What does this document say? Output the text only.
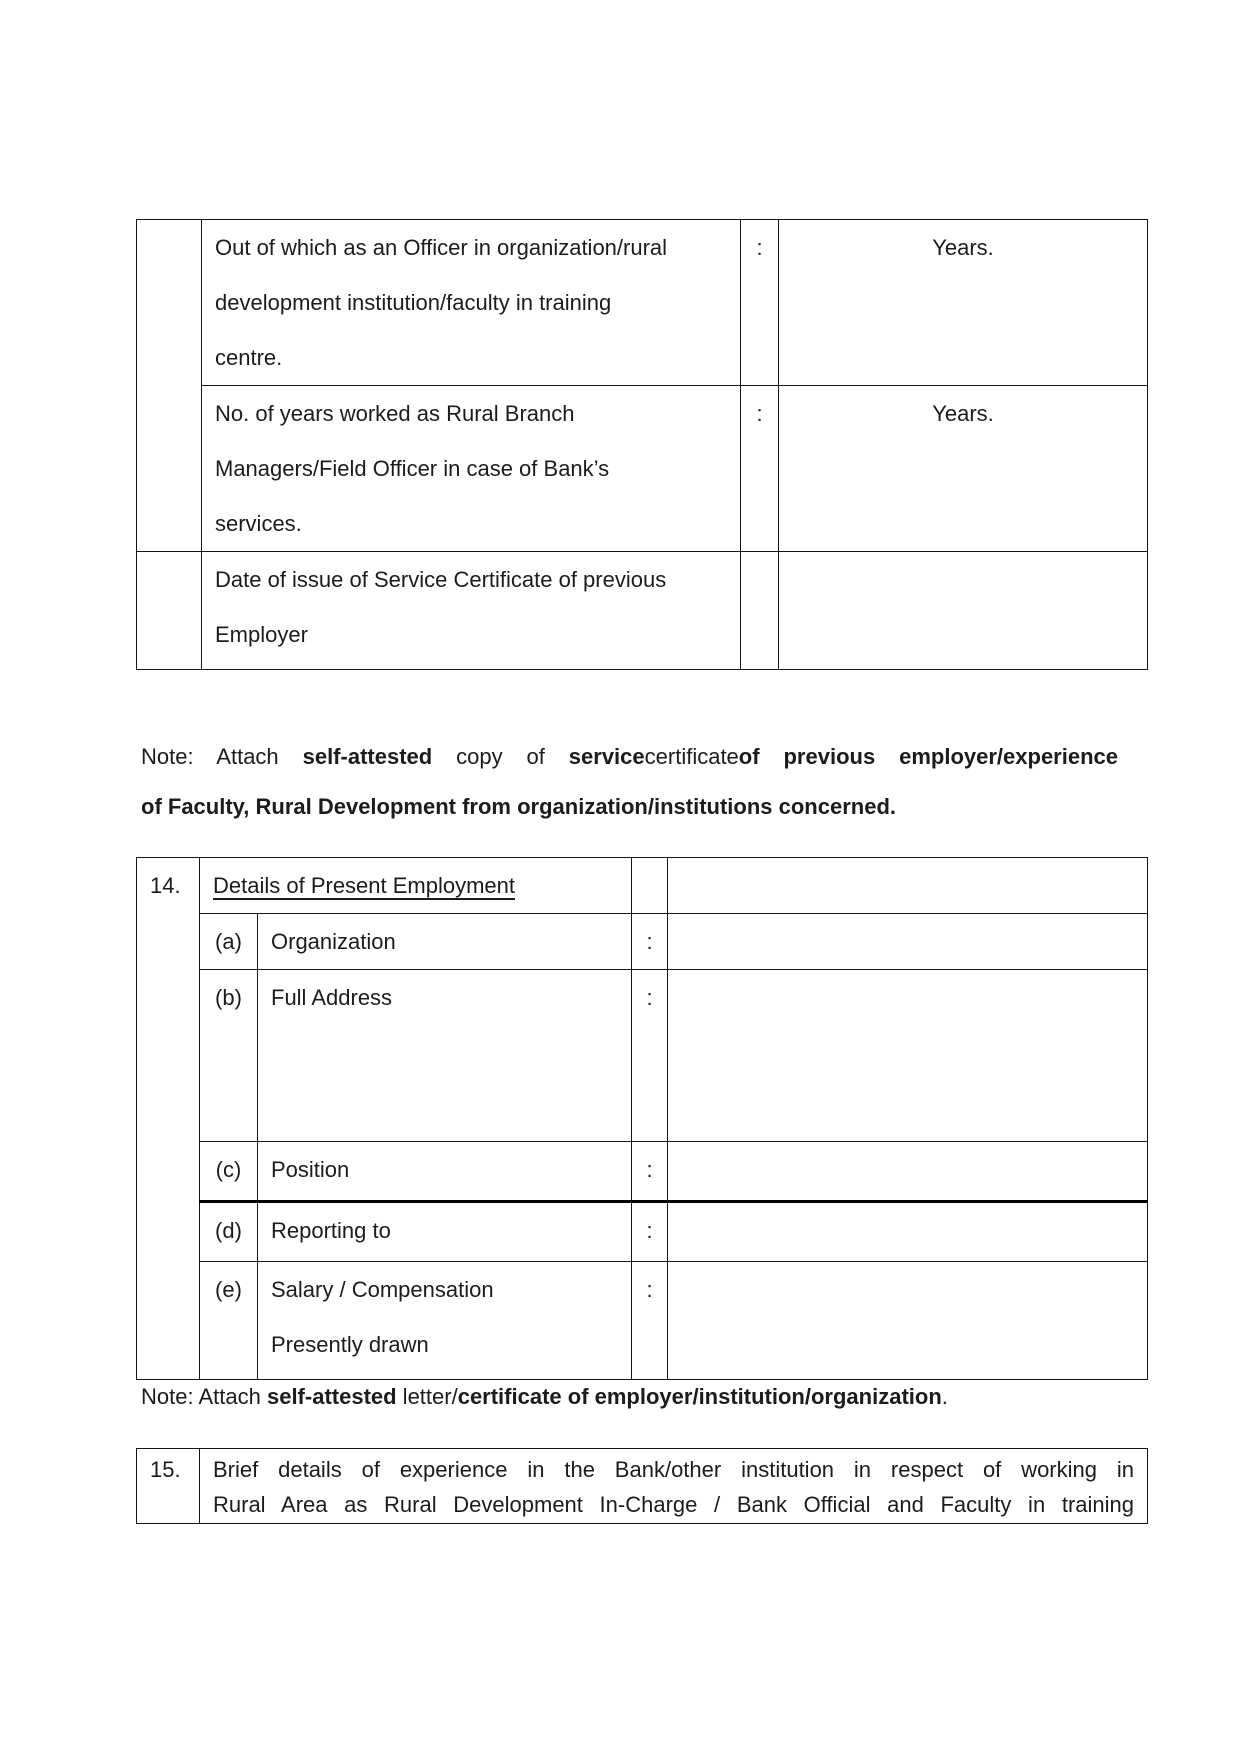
	Out of which as an Officer in organization/rural
development institution/faculty in training
centre.	:	Years.

	No. of years worked as Rural Branch
Managers/Field Officer in case of Bank’s
services.	:	Years.

	Date of issue of Service Certificate of previous
Employer		

Note: Attach self-attested copy of servicecertificateof previous employer/experience
of Faculty, Rural Development from organization/institutions concerned.
14.	Details of Present Employment			
	(a)	Organization	:	
	(b)	Full Address	:	
	(c)	Position	:	
	(d)	Reporting to	:	
	(e)	Salary / Compensation
Presently drawn	:	
Note: Attach self-attested letter/certificate of employer/institution/organization.
15.	Brief details of experience in the Bank/other institution in respect of working in
Rural Area as Rural Development In-Charge / Bank Official and Faculty in training
